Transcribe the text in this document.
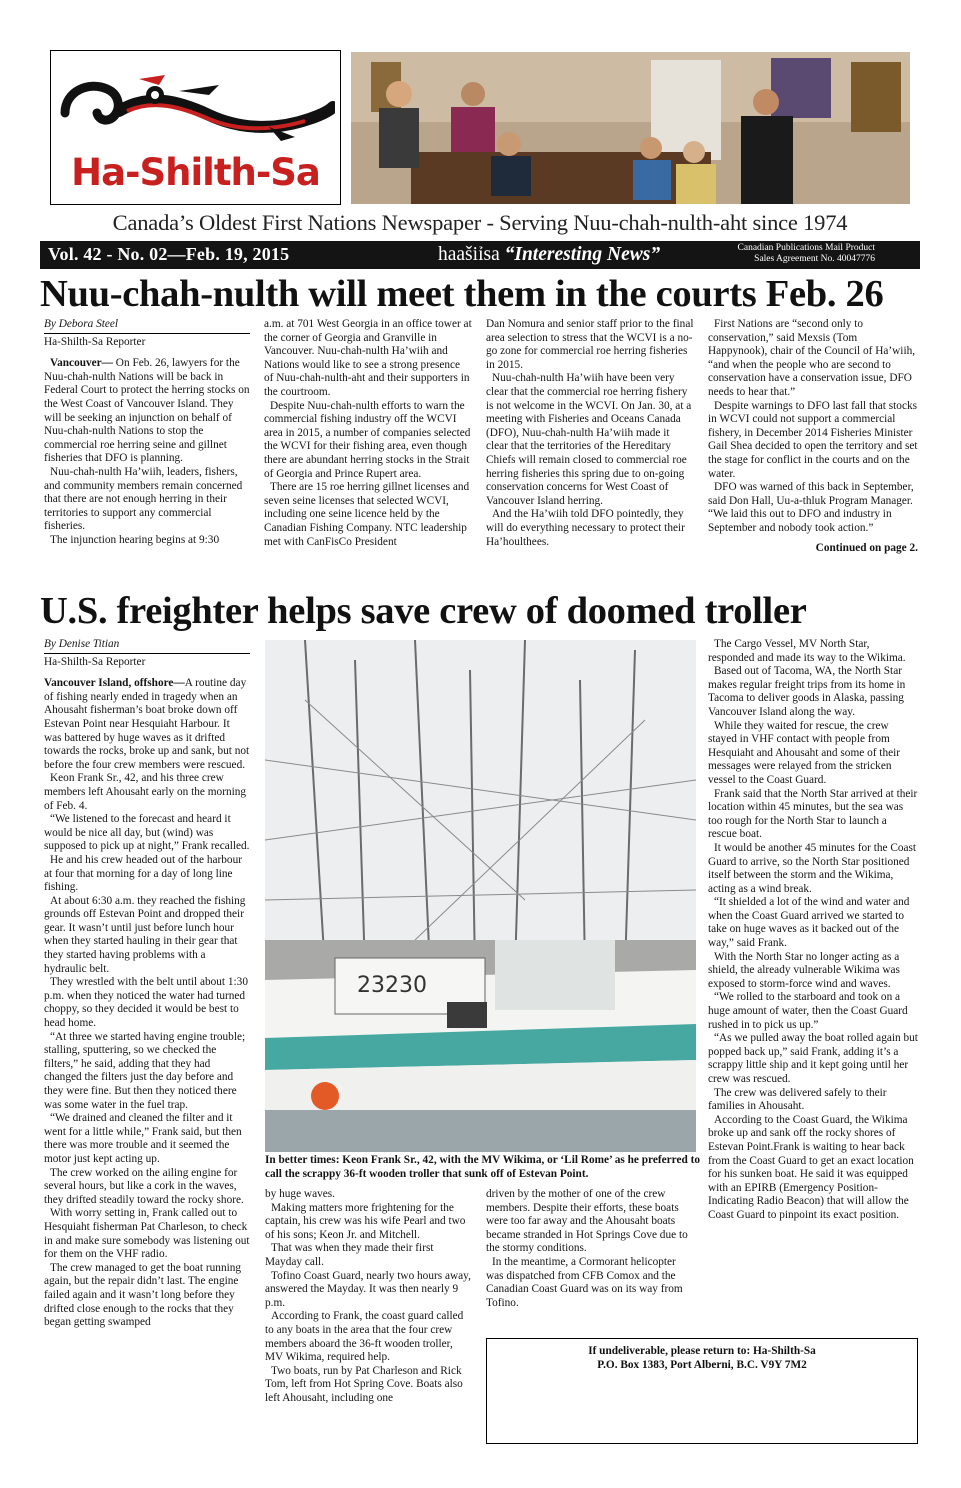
Ha-Shilth-Sa
Canada’s Oldest First Nations Newspaper - Serving Nuu-chah-nulth-aht since 1974
Vol. 42 - No. 02—Feb. 19, 2015	haašiỉsa “Interesting News”	Canadian Publications Mail Product
Sales Agreement No. 40047776
Nuu-chah-nulth will meet them in the courts Feb. 26
By Debora Steel
Ha-Shilth-Sa Reporter

Vancouver— On Feb. 26, lawyers for the Nuu-chah-nulth Nations will be back in Federal Court to protect the herring stocks on the West Coast of Vancouver Island. They will be seeking an injunction on behalf of Nuu-chah-nulth Nations to stop the commercial roe herring seine and gillnet fisheries that DFO is planning.

Nuu-chah-nulth Ha’wiih, leaders, fishers, and community members remain concerned that there are not enough herring in their territories to support any commercial fisheries.

The injunction hearing begins at 9:30

a.m. at 701 West Georgia in an office tower at the corner of Georgia and Granville in Vancouver. Nuu-chah-nulth Ha’wiih and Nations would like to see a strong presence of Nuu-chah-nulth-aht and their supporters in the courtroom.

Despite Nuu-chah-nulth efforts to warn the commercial fishing industry off the WCVI area in 2015, a number of companies selected the WCVI for their fishing area, even though there are abundant herring stocks in the Strait of Georgia and Prince Rupert area.

There are 15 roe herring gillnet licenses and seven seine licenses that selected WCVI, including one seine licence held by the Canadian Fishing Company. NTC leadership met with CanFisCo President

Dan Nomura and senior staff prior to the final area selection to stress that the WCVI is a no-go zone for commercial roe herring fisheries in 2015.

Nuu-chah-nulth Ha’wiih have been very clear that the commercial roe herring fishery is not welcome in the WCVI. On Jan. 30, at a meeting with Fisheries and Oceans Canada (DFO), Nuu-chah-nulth Ha’wiih made it clear that the territories of the Hereditary Chiefs will remain closed to commercial roe herring fisheries this spring due to on-going conservation concerns for West Coast of Vancouver Island herring.

And the Ha’wiih told DFO pointedly, they will do everything necessary to protect their Ha’houlthees.

First Nations are “second only to conservation,” said Mexsis (Tom Happynook), chair of the Council of Ha’wiih, “and when the people who are second to conservation have a conservation issue, DFO needs to hear that.”

Despite warnings to DFO last fall that stocks in WCVI could not support a commercial fishery, in December 2014 Fisheries Minister Gail Shea decided to open the territory and set the stage for conflict in the courts and on the water.

DFO was warned of this back in September, said Don Hall, Uu-a-thluk Program Manager. “We laid this out to DFO and industry in September and nobody took action.”

Continued on page 2.
U.S. freighter helps save crew of doomed troller
By Denise Titian
Ha-Shilth-Sa Reporter

Vancouver Island, offshore—A routine day of fishing nearly ended in tragedy when an Ahousaht fisherman’s boat broke down off Estevan Point near Hesquiaht Harbour. It was battered by huge waves as it drifted towards the rocks, broke up and sank, but not before the four crew members were rescued.

Keon Frank Sr., 42, and his three crew members left Ahousaht early on the morning of Feb. 4.

“We listened to the forecast and heard it would be nice all day, but (wind) was supposed to pick up at night,” Frank recalled.

He and his crew headed out of the harbour at four that morning for a day of long line fishing.

At about 6:30 a.m. they reached the fishing grounds off Estevan Point and dropped their gear. It wasn’t until just before lunch hour when they started hauling in their gear that they started having problems with a hydraulic belt.

They wrestled with the belt until about 1:30 p.m. when they noticed the water had turned choppy, so they decided it would be best to head home.

“At three we started having engine trouble; stalling, sputtering, so we checked the filters,” he said, adding that they had changed the filters just the day before and they were fine. But then they noticed there was some water in the fuel trap.

“We drained and cleaned the filter and it went for a little while,” Frank said, but then there was more trouble and it seemed the motor just kept acting up.

The crew worked on the ailing engine for several hours, but like a cork in the waves, they drifted steadily toward the rocky shore.

With worry setting in, Frank called out to Hesquiaht fisherman Pat Charleson, to check in and make sure somebody was listening out for them on the VHF radio.

The crew managed to get the boat running again, but the repair didn’t last. The engine failed again and it wasn’t long before they drifted close enough to the rocks that they began getting swamped

23230
In better times: Keon Frank Sr., 42, with the MV Wikima, or ‘Lil Rome’ as he preferred to call the scrappy 36-ft wooden troller that sunk off of Estevan Point.

by huge waves.

Making matters more frightening for the captain, his crew was his wife Pearl and two of his sons; Keon Jr. and Mitchell.

That was when they made their first Mayday call.

Tofino Coast Guard, nearly two hours away, answered the Mayday. It was then nearly 9 p.m.

According to Frank, the coast guard called to any boats in the area that the four crew members aboard the 36-ft wooden troller, MV Wikima, required help.

Two boats, run by Pat Charleson and Rick Tom, left from Hot Spring Cove. Boats also left Ahousaht, including one

driven by the mother of one of the crew members. Despite their efforts, these boats were too far away and the Ahousaht boats became stranded in Hot Springs Cove due to the stormy conditions.

In the meantime, a Cormorant helicopter was dispatched from CFB Comox and the Canadian Coast Guard was on its way from Tofino.

The Cargo Vessel, MV North Star, responded and made its way to the Wikima.

Based out of Tacoma, WA, the North Star makes regular freight trips from its home in Tacoma to deliver goods in Alaska, passing Vancouver Island along the way.

While they waited for rescue, the crew stayed in VHF contact with people from Hesquiaht and Ahousaht and some of their messages were relayed from the stricken vessel to the Coast Guard.

Frank said that the North Star arrived at their location within 45 minutes, but the sea was too rough for the North Star to launch a rescue boat.

It would be another 45 minutes for the Coast Guard to arrive, so the North Star positioned itself between the storm and the Wikima, acting as a wind break.

“It shielded a lot of the wind and water and when the Coast Guard arrived we started to take on huge waves as it backed out of the way,” said Frank.

With the North Star no longer acting as a shield, the already vulnerable Wikima was exposed to storm-force wind and waves.

“We rolled to the starboard and took on a huge amount of water, then the Coast Guard rushed in to pick us up.”

“As we pulled away the boat rolled again but popped back up,” said Frank, adding it’s a scrappy little ship and it kept going until her crew was rescued.

The crew was delivered safely to their families in Ahousaht.

According to the Coast Guard, the Wikima broke up and sank off the rocky shores of Estevan Point.Frank is waiting to hear back from the Coast Guard to get an exact location for his sunken boat. He said it was equipped with an EPIRB (Emergency Position-Indicating Radio Beacon) that will allow the Coast Guard to pinpoint its exact position.

If undeliverable, please return to: Ha-Shilth-Sa
P.O. Box 1383, Port Alberni, B.C. V9Y 7M2
